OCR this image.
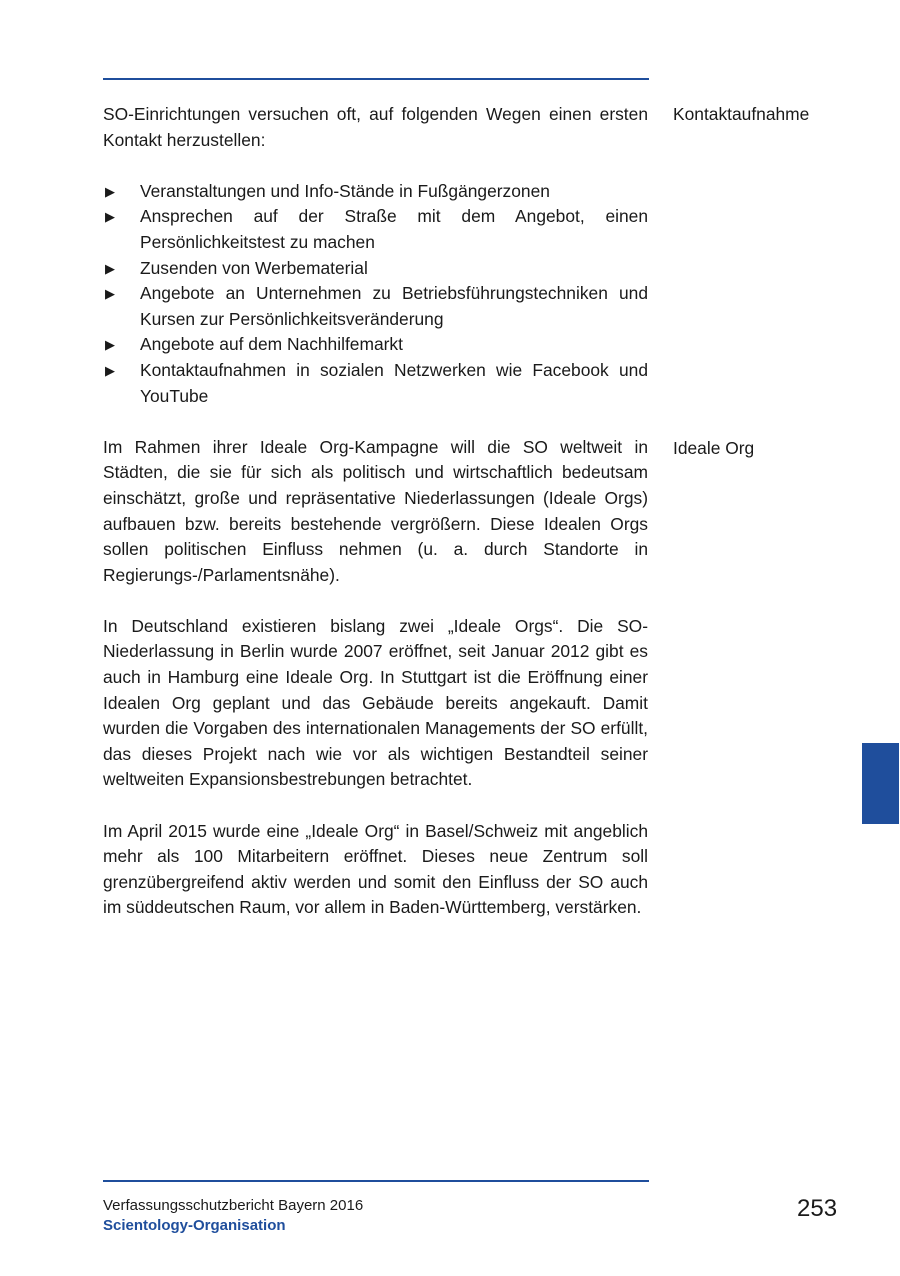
SO-Einrichtungen versuchen oft, auf folgenden Wegen einen ersten Kontakt herzustellen:

▶ Veranstaltungen und Info-Stände in Fußgängerzonen
▶ Ansprechen auf der Straße mit dem Angebot, einen Persönlichkeitstest zu machen
▶ Zusenden von Werbematerial
▶ Angebote an Unternehmen zu Betriebsführungstechniken und Kursen zur Persönlichkeitsveränderung
▶ Angebote auf dem Nachhilfemarkt
▶ Kontaktaufnahmen in sozialen Netzwerken wie Facebook und YouTube

Im Rahmen ihrer Ideale Org-Kampagne will die SO weltweit in Städten, die sie für sich als politisch und wirtschaftlich bedeutsam einschätzt, große und repräsentative Niederlassungen (Ideale Orgs) aufbauen bzw. bereits bestehende vergrößern. Diese Idealen Orgs sollen politischen Einfluss nehmen (u. a. durch Standorte in Regierungs-/Parlamentsnähe).

In Deutschland existieren bislang zwei „Ideale Orgs“. Die SO-Niederlassung in Berlin wurde 2007 eröffnet, seit Januar 2012 gibt es auch in Hamburg eine Ideale Org. In Stuttgart ist die Eröffnung einer Idealen Org geplant und das Gebäude bereits angekauft. Damit wurden die Vorgaben des internationalen Managements der SO erfüllt, das dieses Projekt nach wie vor als wichtigen Bestandteil seiner weltweiten Expansionsbestrebungen betrachtet.

Im April 2015 wurde eine „Ideale Org“ in Basel/Schweiz mit angeblich mehr als 100 Mitarbeitern eröffnet. Dieses neue Zentrum soll grenzübergreifend aktiv werden und somit den Einfluss der SO auch im süddeutschen Raum, vor allem in Baden-Württemberg, verstärken.

Kontaktaufnahme
Ideale Org
Verfassungsschutzbericht Bayern 2016
Scientology-Organisation
253
